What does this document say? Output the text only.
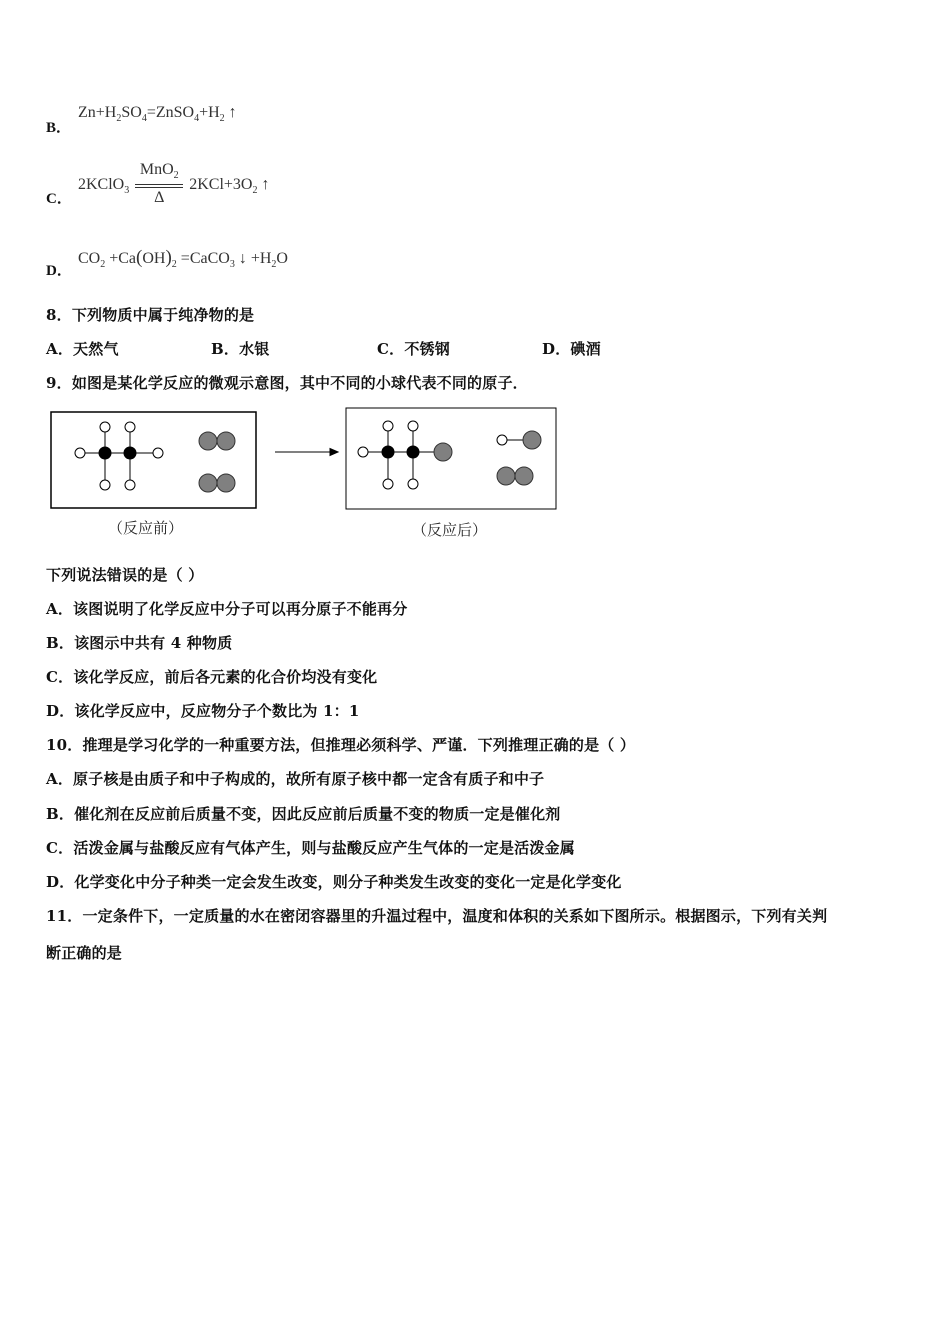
B．
$Zn+H_2SO_4=ZnSO_4+H_2$ ↑
C．
2KClO$_3$ $\frac{MnO_2}{\Delta} 2KCl+3O_2$ ↑
D．
$CO_2 +Ca(OH)_2$ =CaCO$_3$ ↓ $+H_2O$
8．下列物质中属于纯净物的是
A．天然气	B．水银	C．不锈钢	D．碘酒
9．如图是某化学反应的微观示意图，其中不同的小球代表不同的原子．
（反应前）	（反应后）
下列说法错误的是（ ）
A．该图说明了化学反应中分子可以再分原子不能再分
B．该图示中共有 4 种物质
C．该化学反应，前后各元素的化合价均没有变化
D．该化学反应中，反应物分子个数比为 1：1
10．推理是学习化学的一种重要方法，但推理必须科学、严谨．下列推理正确的是（ ）
A．原子核是由质子和中子构成的，故所有原子核中都一定含有质子和中子
B．催化剂在反应前后质量不变，因此反应前后质量不变的物质一定是催化剂
C．活泼金属与盐酸反应有气体产生，则与盐酸反应产生气体的一定是活泼金属
D．化学变化中分子种类一定会发生改变，则分子种类发生改变的变化一定是化学变化
11．一定条件下，一定质量的水在密闭容器里的升温过程中，温度和体积的关系如下图所示。根据图示，下列有关判
断正确的是
